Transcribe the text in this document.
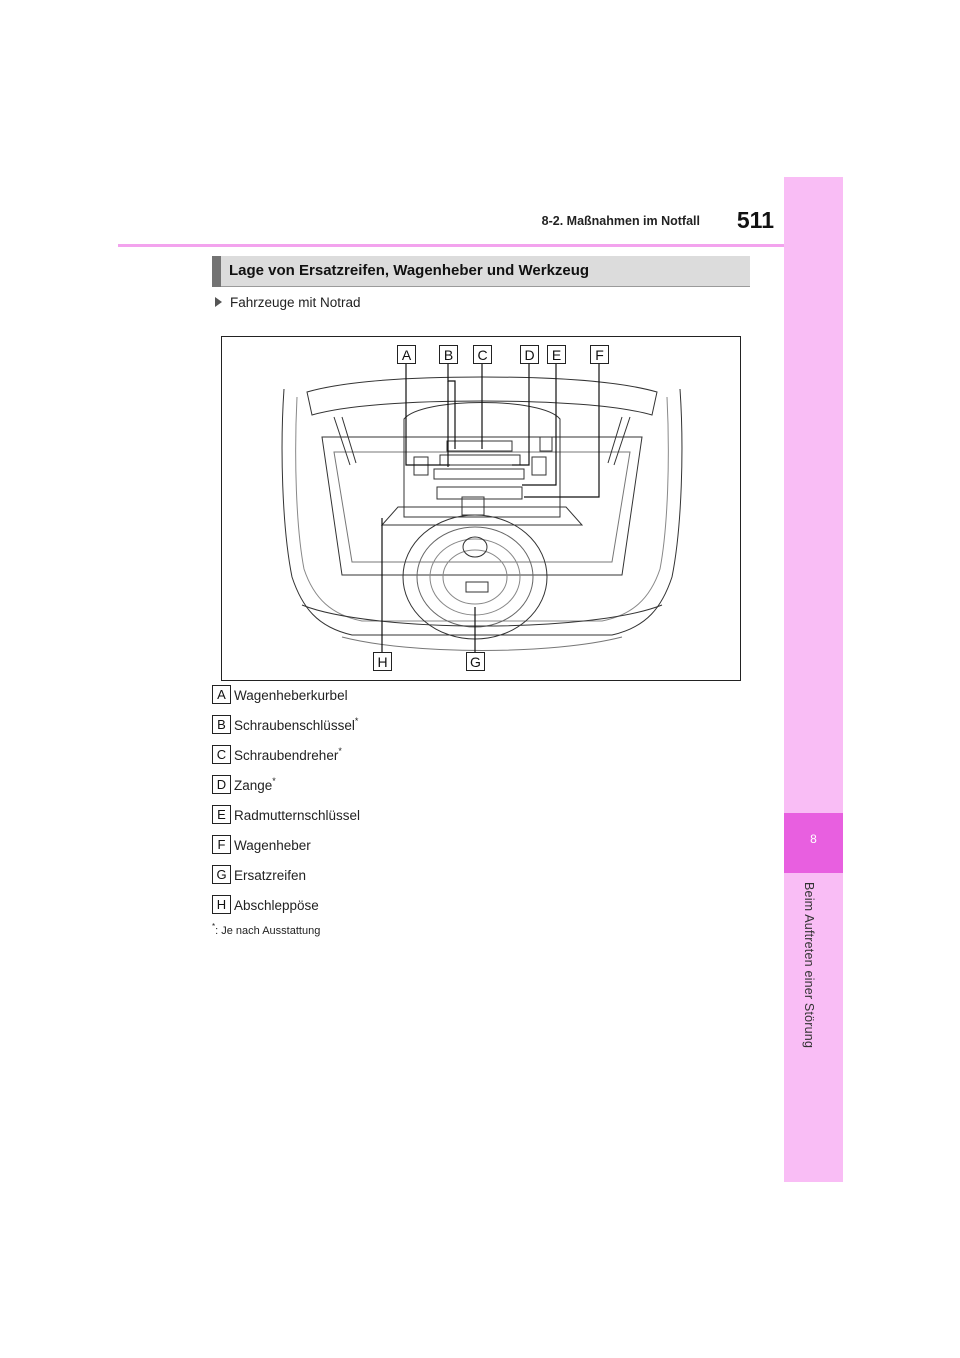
8
Beim Auftreten einer Störung
8-2. Maßnahmen im Notfall	511
Lage von Ersatzreifen, Wagenheber und Werkzeug
Fahrzeuge mit Notrad
A	B	C	D	E	F
H	G
A Wagenheberkurbel
B Schraubenschlüssel*
C Schraubendreher*
D Zange*
E Radmutternschlüssel
F Wagenheber
G Ersatzreifen
H Abschleppöse
*: Je nach Ausstattung
